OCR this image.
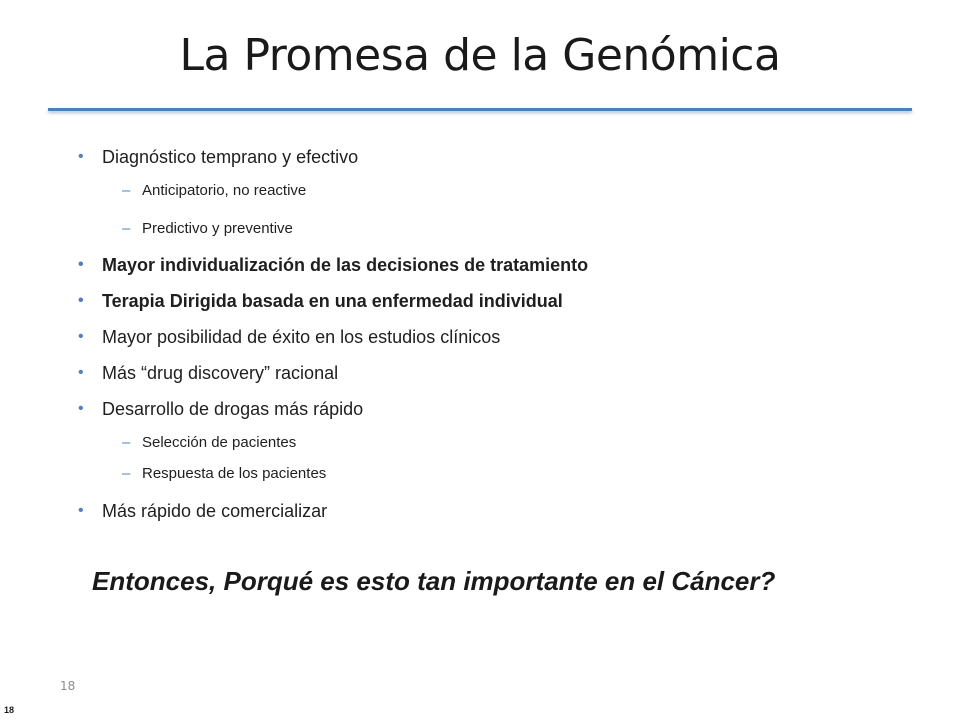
La Promesa de la Genómica
•	Diagnóstico temprano y efectivo
– Anticipatorio, no reactive
– Predictivo y preventive
•	Mayor individualización de las decisiones de tratamiento
•	Terapia Dirigida basada en una enfermedad individual
•	Mayor posibilidad de éxito en los estudios clínicos
•	Más “drug discovery” racional
•	Desarrollo de drogas más rápido
– Selección de pacientes
– Respuesta de los pacientes
•	Más rápido de comercializar
Entonces, Porqué es esto tan importante en el Cáncer?
18
18
